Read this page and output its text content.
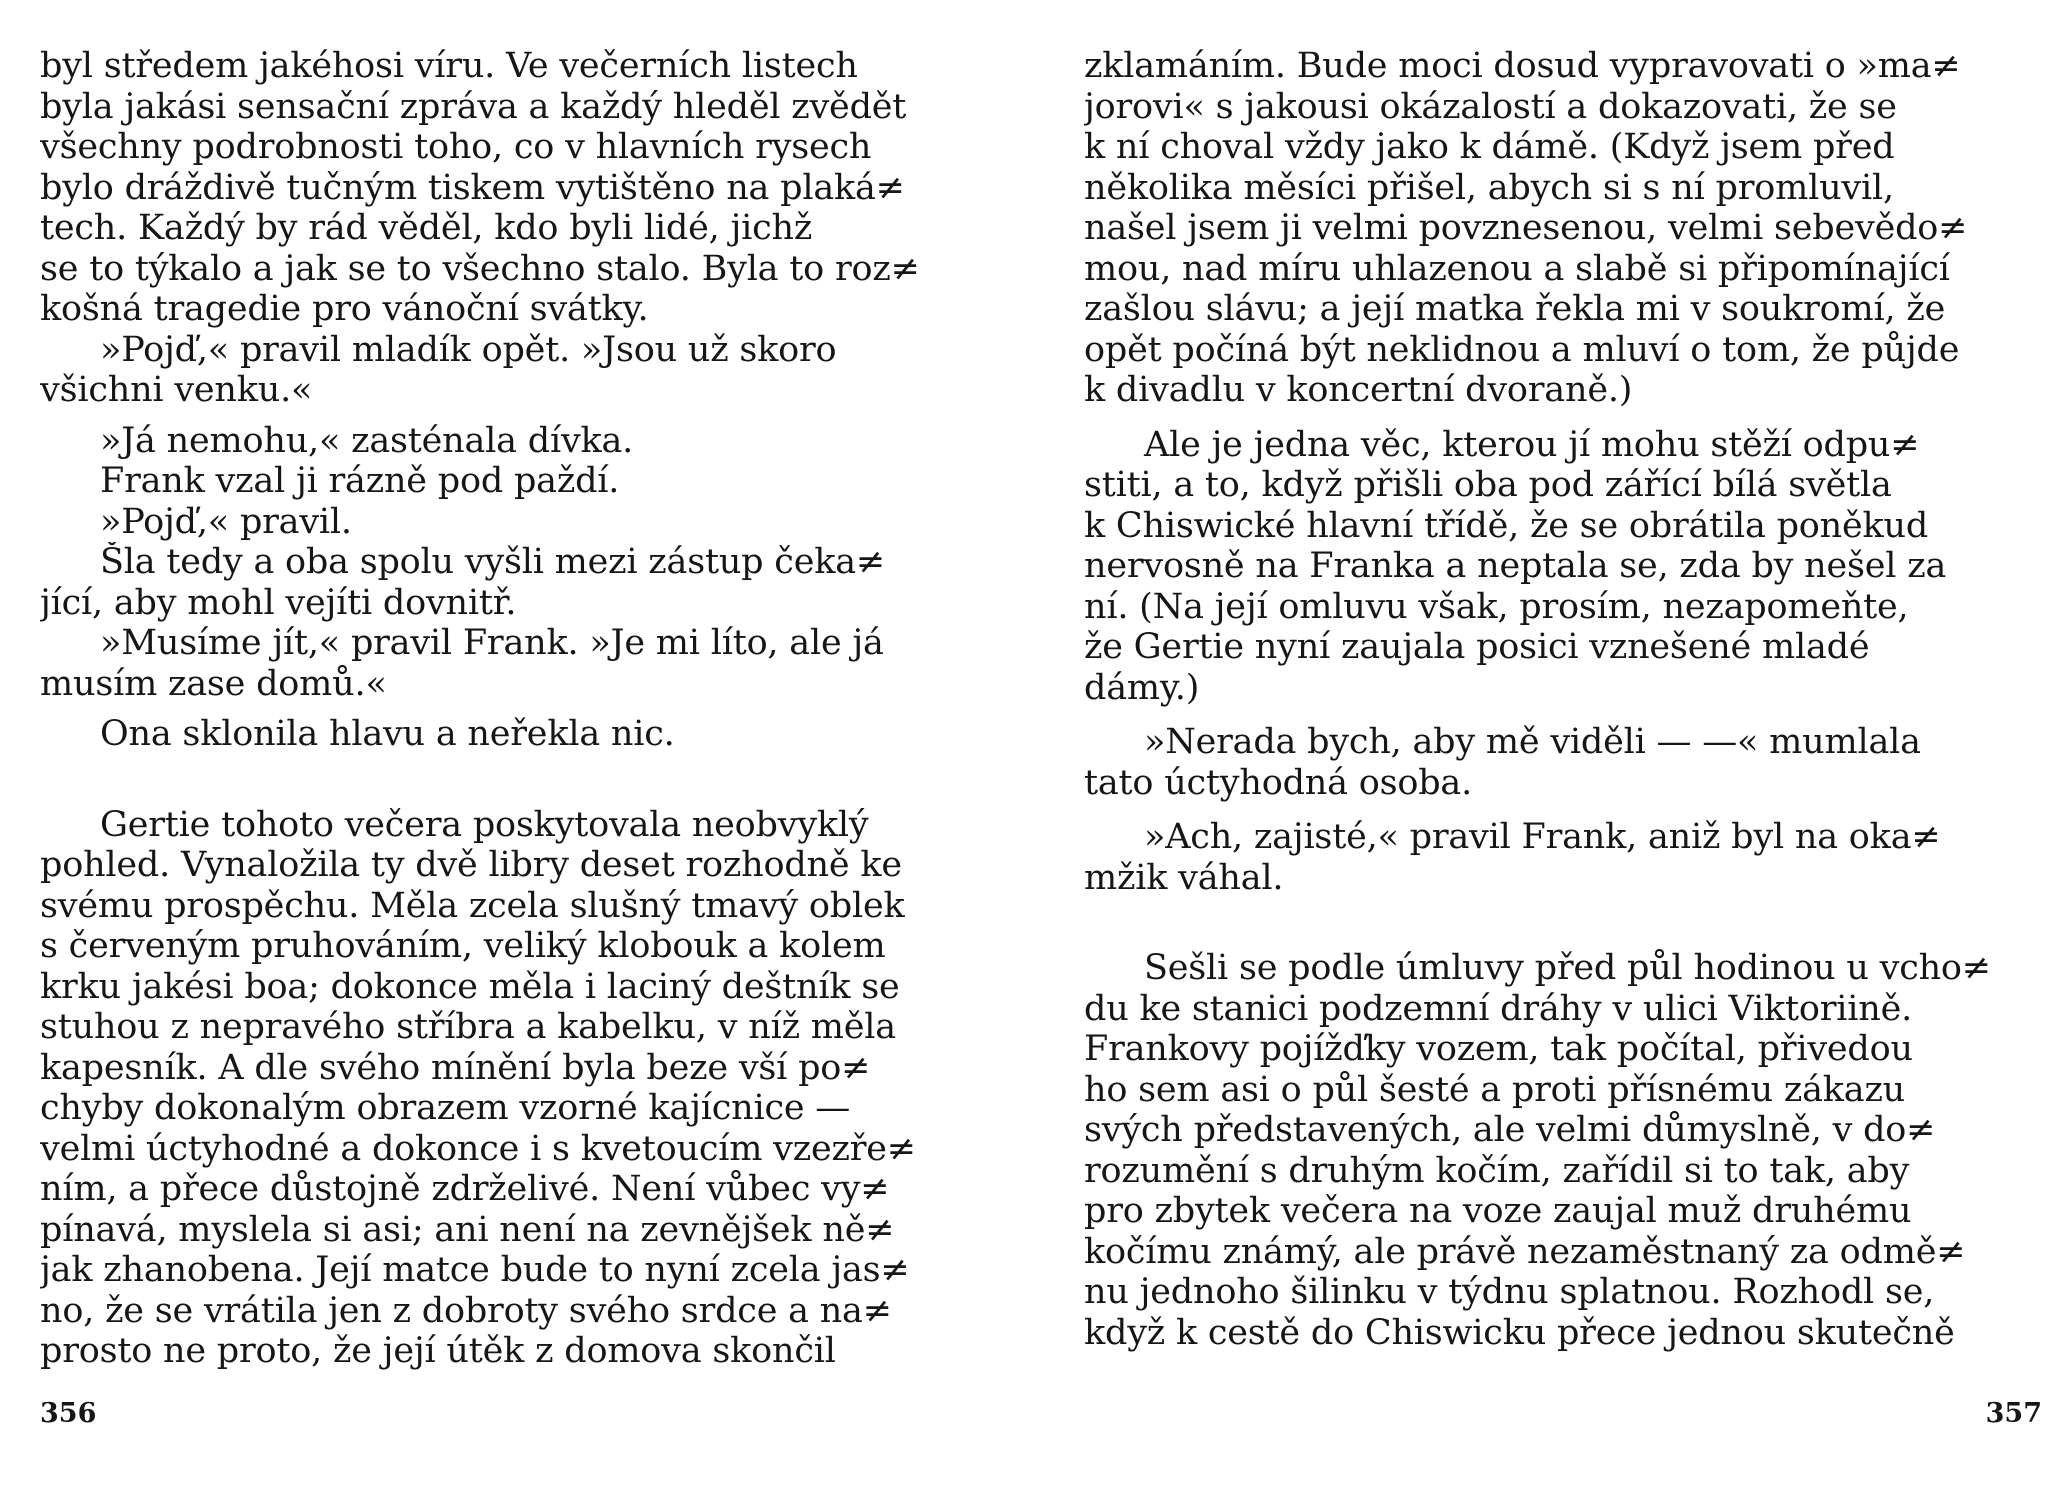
byl středem jakéhosi víru. Ve večerních listech
byla jakási sensační zpráva a každý hleděl zvědět
všechny podrobnosti toho, co v hlavních rysech
bylo dráždivě tučným tiskem vytištěno na plaká≠
tech. Každý by rád věděl, kdo byli lidé, jichž
se to týkalo a jak se to všechno stalo. Byla to roz≠
košná tragedie pro vánoční svátky.
»Pojď,« pravil mladík opět. »Jsou už skoro
všichni venku.«
»Já nemohu,« zasténala dívka.
Frank vzal ji rázně pod paždí.
»Pojď,« pravil.
Šla tedy a oba spolu vyšli mezi zástup čeka≠
jící, aby mohl vejíti dovnitř.
»Musíme jít,« pravil Frank. »Je mi líto, ale já
musím zase domů.«
Ona sklonila hlavu a neřekla nic.
Gertie tohoto večera poskytovala neobvyklý
pohled. Vynaložila ty dvě libry deset rozhodně ke
svému prospěchu. Měla zcela slušný tmavý oblek
s červeným pruhováním, veliký klobouk a kolem
krku jakési boa; dokonce měla i laciný deštník se
stuhou z nepravého stříbra a kabelku, v níž měla
kapesník. A dle svého mínění byla beze vší po≠
chyby dokonalým obrazem vzorné kajícnice —
velmi úctyhodné a dokonce i s kvetoucím vzezře≠
ním, a přece důstojně zdrželivé. Není vůbec vy≠
pínavá, myslela si asi; ani není na zevnějšek ně≠
jak zhanobena. Její matce bude to nyní zcela jas≠
no, že se vrátila jen z dobroty svého srdce a na≠
prosto ne proto, že její útěk z domova skončil
356
zklamáním. Bude moci dosud vypravovati o »ma≠
jorovi« s jakousi okázalostí a dokazovati, že se
k ní choval vždy jako k dámě. (Když jsem před
několika měsíci přišel, abych si s ní promluvil,
našel jsem ji velmi povznesenou, velmi sebevědo≠
mou, nad míru uhlazenou a slabě si připomínající
zašlou slávu; a její matka řekla mi v soukromí, že
opět počíná být neklidnou a mluví o tom, že půjde
k divadlu v koncertní dvoraně.)
Ale je jedna věc, kterou jí mohu stěží odpu≠
stiti, a to, když přišli oba pod zářící bílá světla
k Chiswické hlavní třídě, že se obrátila poněkud
nervosně na Franka a neptala se, zda by nešel za
ní. (Na její omluvu však, prosím, nezapomeňte,
že Gertie nyní zaujala posici vznešené mladé
dámy.)
»Nerada bych, aby mě viděli — —« mumlala
tato úctyhodná osoba.
»Ach, zajisté,« pravil Frank, aniž byl na oka≠
mžik váhal.
Sešli se podle úmluvy před půl hodinou u vcho≠
du ke stanici podzemní dráhy v ulici Viktoriině.
Frankovy pojížďky vozem, tak počítal, přivedou
ho sem asi o půl šesté a proti přísnému zákazu
svých představených, ale velmi důmyslně, v do≠
rozumění s druhým kočím, zařídil si to tak, aby
pro zbytek večera na voze zaujal muž druhému
kočímu známý, ale právě nezaměstnaný za odmě≠
nu jednoho šilinku v týdnu splatnou. Rozhodl se,
když k cestě do Chiswicku přece jednou skutečně
357
